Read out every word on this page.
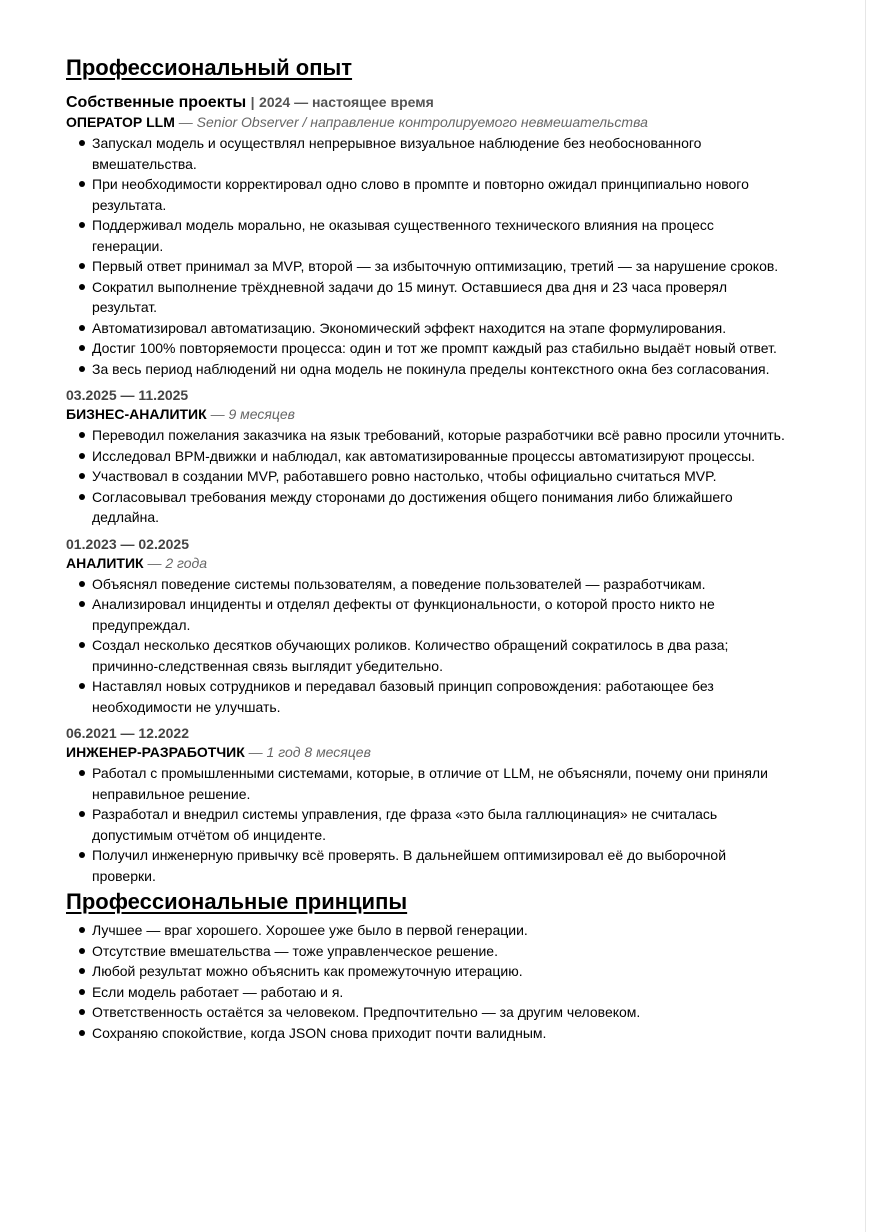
Профессиональный опыт
Собственные проекты | 2024 — настоящее время
ОПЕРАТОР LLM — Senior Observer / направление контролируемого невмешательства
Запускал модель и осуществлял непрерывное визуальное наблюдение без необоснованного вмешательства.
При необходимости корректировал одно слово в промпте и повторно ожидал принципиально нового результата.
Поддерживал модель морально, не оказывая существенного технического влияния на процесс генерации.
Первый ответ принимал за MVP, второй — за избыточную оптимизацию, третий — за нарушение сроков.
Сократил выполнение трёхдневной задачи до 15 минут. Оставшиеся два дня и 23 часа проверял результат.
Автоматизировал автоматизацию. Экономический эффект находится на этапе формулирования.
Достиг 100% повторяемости процесса: один и тот же промпт каждый раз стабильно выдаёт новый ответ.
За весь период наблюдений ни одна модель не покинула пределы контекстного окна без согласования.
03.2025 — 11.2025
БИЗНЕС-АНАЛИТИК — 9 месяцев
Переводил пожелания заказчика на язык требований, которые разработчики всё равно просили уточнить.
Исследовал BPM-движки и наблюдал, как автоматизированные процессы автоматизируют процессы.
Участвовал в создании MVP, работавшего ровно настолько, чтобы официально считаться MVP.
Согласовывал требования между сторонами до достижения общего понимания либо ближайшего дедлайна.
01.2023 — 02.2025
АНАЛИТИК — 2 года
Объяснял поведение системы пользователям, а поведение пользователей — разработчикам.
Анализировал инциденты и отделял дефекты от функциональности, о которой просто никто не предупреждал.
Создал несколько десятков обучающих роликов. Количество обращений сократилось в два раза; причинно-следственная связь выглядит убедительно.
Наставлял новых сотрудников и передавал базовый принцип сопровождения: работающее без необходимости не улучшать.
06.2021 — 12.2022
ИНЖЕНЕР-РАЗРАБОТЧИК — 1 год 8 месяцев
Работал с промышленными системами, которые, в отличие от LLM, не объясняли, почему они приняли неправильное решение.
Разработал и внедрил системы управления, где фраза «это была галлюцинация» не считалась допустимым отчётом об инциденте.
Получил инженерную привычку всё проверять. В дальнейшем оптимизировал её до выборочной проверки.
Профессиональные принципы
Лучшее — враг хорошего. Хорошее уже было в первой генерации.
Отсутствие вмешательства — тоже управленческое решение.
Любой результат можно объяснить как промежуточную итерацию.
Если модель работает — работаю и я.
Ответственность остаётся за человеком. Предпочтительно — за другим человеком.
Сохраняю спокойствие, когда JSON снова приходит почти валидным.
